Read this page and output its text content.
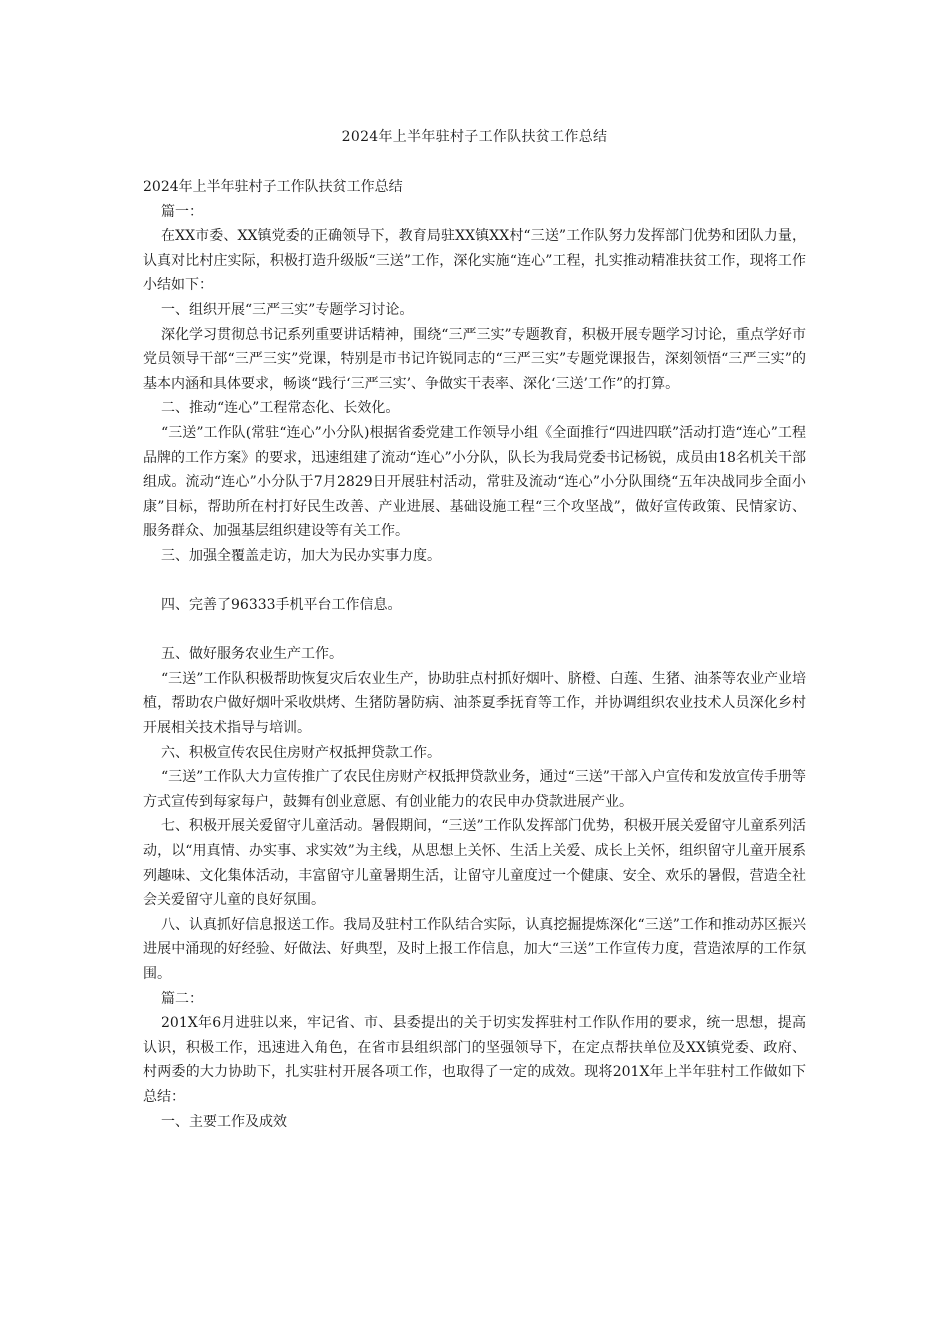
2024年上半年驻村子工作队扶贫工作总结

2024年上半年驻村子工作队扶贫工作总结

篇一：

在XX市委、XX镇党委的正确领导下，教育局驻XX镇XX村“三送”工作队努力发挥部门优势和团队力量，认真对比村庄实际，积极打造升级版“三送”工作，深化实施“连心”工程，扎实推动精准扶贫工作，现将工作小结如下：

一、组织开展“三严三实”专题学习讨论。

深化学习贯彻总书记系列重要讲话精神，围绕“三严三实”专题教育，积极开展专题学习讨论，重点学好市党员领导干部“三严三实”党课，特别是市书记许锐同志的“三严三实”专题党课报告，深刻领悟“三严三实”的基本内涵和具体要求，畅谈“践行‘三严三实’、争做实干表率、深化‘三送’工作”的打算。

二、推动“连心”工程常态化、长效化。

“三送”工作队(常驻“连心”小分队)根据省委党建工作领导小组《全面推行“四进四联”活动打造“连心”工程品牌的工作方案》的要求，迅速组建了流动“连心”小分队，队长为我局党委书记杨锐，成员由18名机关干部组成。流动“连心”小分队于7月2829日开展驻村活动，常驻及流动“连心”小分队围绕“五年决战同步全面小康”目标，帮助所在村打好民生改善、产业进展、基础设施工程“三个攻坚战”，做好宣传政策、民情家访、服务群众、加强基层组织建设等有关工作。

三、加强全覆盖走访，加大为民办实事力度。

四、完善了96333手机平台工作信息。

五、做好服务农业生产工作。

“三送”工作队积极帮助恢复灾后农业生产，协助驻点村抓好烟叶、脐橙、白莲、生猪、油茶等农业产业培植，帮助农户做好烟叶采收烘烤、生猪防暑防病、油茶夏季抚育等工作，并协调组织农业技术人员深化乡村开展相关技术指导与培训。

六、积极宣传农民住房财产权抵押贷款工作。

“三送”工作队大力宣传推广了农民住房财产权抵押贷款业务，通过“三送”干部入户宣传和发放宣传手册等方式宣传到每家每户，鼓舞有创业意愿、有创业能力的农民申办贷款进展产业。

七、积极开展关爱留守儿童活动。暑假期间，“三送”工作队发挥部门优势，积极开展关爱留守儿童系列活动，以“用真情、办实事、求实效”为主线，从思想上关怀、生活上关爱、成长上关怀，组织留守儿童开展系列趣味、文化集体活动，丰富留守儿童暑期生活，让留守儿童度过一个健康、安全、欢乐的暑假，营造全社会关爱留守儿童的良好氛围。

八、认真抓好信息报送工作。我局及驻村工作队结合实际，认真挖掘提炼深化“三送”工作和推动苏区振兴进展中涌现的好经验、好做法、好典型，及时上报工作信息，加大“三送”工作宣传力度，营造浓厚的工作氛围。

篇二：

201X年6月进驻以来，牢记省、市、县委提出的关于切实发挥驻村工作队作用的要求，统一思想，提高认识，积极工作，迅速进入角色，在省市县组织部门的坚强领导下，在定点帮扶单位及XX镇党委、政府、村两委的大力协助下，扎实驻村开展各项工作，也取得了一定的成效。现将201X年上半年驻村工作做如下总结：

一、主要工作及成效
